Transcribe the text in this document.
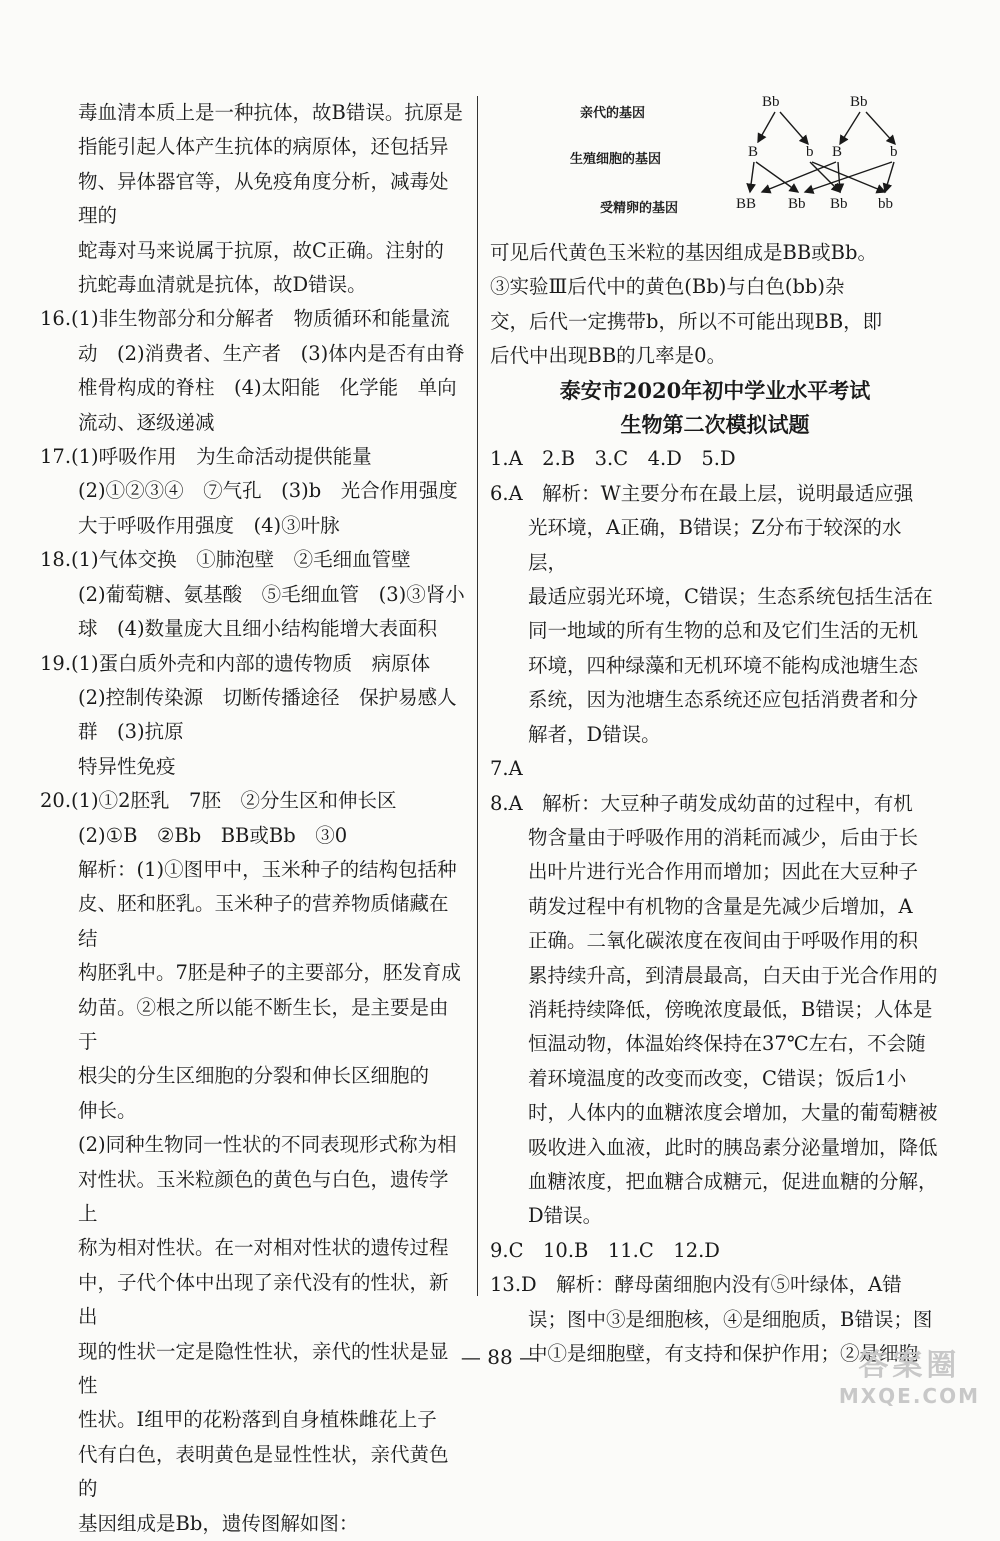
毒血清本质上是一种抗体，故B错误。抗原是

指能引起人体产生抗体的病原体，还包括异

物、异体器官等，从免疫角度分析，减毒处理的

蛇毒对马来说属于抗原，故C正确。注射的

抗蛇毒血清就是抗体，故D错误。

16.(1)非生物部分和分解者　物质循环和能量流

动　(2)消费者、生产者　(3)体内是否有由脊

椎骨构成的脊柱　(4)太阳能　化学能　单向

流动、逐级递减

17.(1)呼吸作用　为生命活动提供能量

(2)①②③④　⑦气孔　(3)b　光合作用强度

大于呼吸作用强度　(4)③叶脉

18.(1)气体交换　①肺泡壁　②毛细血管壁

(2)葡萄糖、氨基酸　⑤毛细血管　(3)③肾小

球　(4)数量庞大且细小结构能增大表面积

19.(1)蛋白质外壳和内部的遗传物质　病原体

(2)控制传染源　切断传播途径　保护易感人

群　(3)抗原

特异性免疫

20.(1)①2胚乳　7胚　②分生区和伸长区

(2)①B　②Bb　BB或Bb　③0

解析：(1)①图甲中，玉米种子的结构包括种

皮、胚和胚乳。玉米种子的营养物质储藏在结

构胚乳中。7胚是种子的主要部分，胚发育成

幼苗。②根之所以能不断生长，是主要是由于

根尖的分生区细胞的分裂和伸长区细胞的

伸长。

(2)同种生物同一性状的不同表现形式称为相

对性状。玉米粒颜色的黄色与白色，遗传学上

称为相对性状。在一对相对性状的遗传过程

中，子代个体中出现了亲代没有的性状，新出

现的性状一定是隐性性状，亲代的性状是显性

性状。Ⅰ组甲的花粉落到自身植株雌花上子

代有白色，表明黄色是显性性状，亲代黄色的

基因组成是Bb，遗传图解如图：

亲代的基因
生殖细胞的基因
受精卵的基因
Bb	Bb
B	b B	b
BB Bb Bb bb

可见后代黄色玉米粒的基因组成是BB或Bb。

③实验Ⅲ后代中的黄色(Bb)与白色(bb)杂

交，后代一定携带b，所以不可能出现BB，即

后代中出现BB的几率是0。

泰安市2020年初中学业水平考试

生物第二次模拟试题

1.A　2.B　3.C　4.D　5.D

6.A　解析：W主要分布在最上层，说明最适应强

光环境，A正确，B错误；Z分布于较深的水层，

最适应弱光环境，C错误；生态系统包括生活在

同一地域的所有生物的总和及它们生活的无机

环境，四种绿藻和无机环境不能构成池塘生态

系统，因为池塘生态系统还应包括消费者和分

解者，D错误。

7.A

8.A　解析：大豆种子萌发成幼苗的过程中，有机

物含量由于呼吸作用的消耗而减少，后由于长

出叶片进行光合作用而增加；因此在大豆种子

萌发过程中有机物的含量是先减少后增加，A

正确。二氧化碳浓度在夜间由于呼吸作用的积

累持续升高，到清晨最高，白天由于光合作用的

消耗持续降低，傍晚浓度最低，B错误；人体是

恒温动物，体温始终保持在37℃左右，不会随

着环境温度的改变而改变，C错误；饭后1小

时，人体内的血糖浓度会增加，大量的葡萄糖被

吸收进入血液，此时的胰岛素分泌量增加，降低

血糖浓度，把血糖合成糖元，促进血糖的分解，

D错误。

9.C　10.B　11.C　12.D

13.D　解析：酵母菌细胞内没有⑤叶绿体，A错

误；图中③是细胞核，④是细胞质，B错误；图

中①是细胞壁，有支持和保护作用；②是细胞

— 88 —	答案圈
MXQE.COM
